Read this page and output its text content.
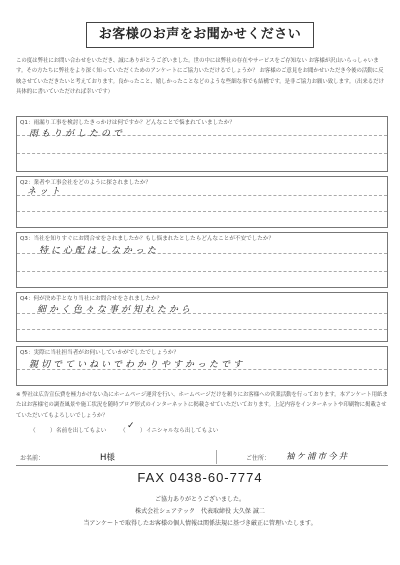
お客様のお声をお聞かせください
この度は弊社にお問い合わせをいただき、誠にありがとうございました。世の中には弊社の存在やサービスをご存知ない お客様が沢山いらっしゃいます。その方たちに弊社をより深く知っていただくためのアンケートにご協力いただけるでしょうか？ お客様のご意見をお聞かせいただき今後の活動に反映させていただきたいと考えております。良かったこと、嬉しかったことなどのような些細な事でも結構です。是非ご協力お願い致します。（出来るだけ具体的に書いていただければ幸いです）
Q1：雨漏り工事を検討したきっかけは何ですか？どんなことで悩まれていましたか？
雨もりがしたので
Q2：業者や工事会社をどのように探されましたか？
ネット
Q3：当社を知りすぐにお問合せをされましたか？もし悩まれたとしたらどんなことが不安でしたか？
特に心配はしなかった
Q4：何が決め手となり当社にお問合せをされましたか？
細かく色々な事が知れたから
Q5：実際に当社担当者がお伺いしていかがでしたでしょうか？
親切でていねいでわかりやすかったです
※ 弊社は広告宣伝費を極力かけない為にホームページ運営を行い、ホームページだけを頼りにお客様への営業活動を行っております。本アンケート用紙またはお客様宅の調査風景や施工状況を随時ブログ形式のインターネットに掲載させていただいております。上記内容をインターネットや印刷物に掲載させていただいてもよろしいでしょうか？
（	） 名前を出してもよい （ ✓ ） イニシャルなら出してもよい
お名前：	H様	ご住所： 袖ケ浦市今井
FAX 0438-60-7774
ご協力ありがとうございました。
株式会社シェアテック　代表取締役 大久保 誠二
当アンケートで取得したお客様の個人情報は関係法規に基づき厳正に管理いたします。
